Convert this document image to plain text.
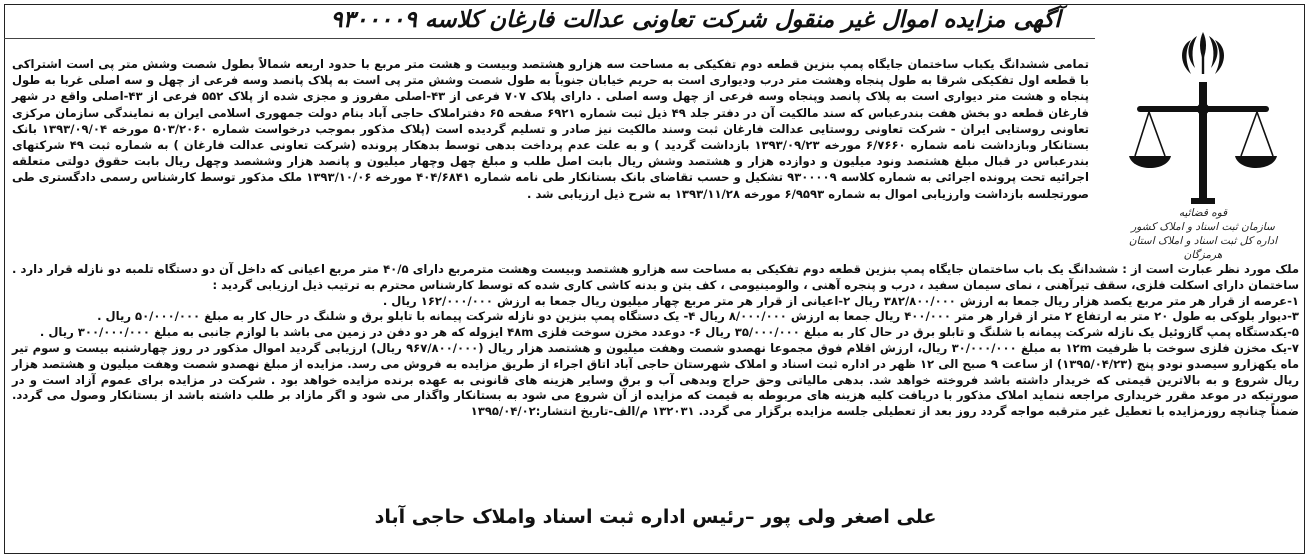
آگهی مزایده اموال غیر منقول شرکت تعاونی عدالت فارغان کلاسه ۹۳۰۰۰۰۹
قوه قضائیه
سازمان ثبت اسناد و املاک کشور
اداره کل ثبت اسناد و املاک استان هرمزگان

تمامی ششدانگ یکباب ساختمان جایگاه پمپ بنزین قطعه دوم تفکیکی به مساحت سه هزارو هشتصد وبیست و هشت متر مربع با حدود اربعه شمالاً بطول شصت وشش متر پی است اشتراکی با قطعه اول تفکیکی شرقا به طول پنجاه وهشت متر درب ودیواری است به حریم خیابان جنوباً به طول شصت وشش متر پی است به پلاک پانصد وسه فرعی از چهل و سه اصلی غربا به طول پنجاه و هشت متر دیواری است به پلاک پانصد وپنجاه وسه فرعی از چهل وسه اصلی . دارای پلاک ۷۰۷ فرعی از ۴۳-اصلی مفروز و مجزی شده از پلاک ۵۵۲ فرعی از ۴۳-اصلی واقع در شهر فارغان قطعه دو بخش هفت بندرعباس که سند مالکیت آن در دفتر جلد ۴۹ ذیل ثبت شماره ۶۹۲۱ صفحه ۶۵ دفتراملاک حاجی آباد بنام دولت جمهوری اسلامی ایران به نمایندگی سازمان مرکزی تعاونی روستایی ایران - شرکت تعاونی روستایی عدالت فارغان ثبت وسند مالکیت نیز صادر و تسلیم گردیده است (پلاک مذکور بموجب درخواست شماره ۵۰۳/۲۰۶۰ مورخه ۱۳۹۳/۰۹/۰۴ بانک بستانکار وبازداشت نامه شماره ۶/۷۶۶۰ مورخه ۱۳۹۳/۰۹/۲۳ بازداشت گردید ) و به علت عدم پرداخت بدهی توسط بدهکار پرونده (شرکت تعاونی عدالت فارغان ) به شماره ثبت ۴۹ شرکتهای بندرعباس در قبال مبلغ هشتصد ونود میلیون و دوازده هزار و هشتصد وشش ریال بابت اصل طلب و مبلغ چهل وچهار میلیون و پانصد هزار وششصد وچهل ریال بابت حقوق دولتی متعلقه اجرائیه تحت پرونده اجرائی به شماره کلاسه ۹۳۰۰۰۰۹ تشکیل و حسب تقاضای بانک بستانکار طی نامه شماره ۴۰۴/۶۸۴۱ مورخه ۱۳۹۳/۱۰/۰۶ ملک مذکور توسط کارشناس رسمی دادگستری طی صورتجلسه بازداشت وارزیابی اموال به شماره ۶/۹۵۹۳ مورخه ۱۳۹۳/۱۱/۲۸ به شرح ذیل ارزیابی شد .

ملک مورد نظر عبارت است از : ششدانگ یک باب ساختمان جایگاه پمپ بنزین قطعه دوم تفکیکی به مساحت سه هزارو هشتصد وبیست وهشت مترمربع دارای ۴۰/۵ متر مربع اعیانی که داخل آن دو دستگاه تلمبه دو نازله قرار دارد . ساختمان دارای اسکلت فلزی، سقف تیرآهنی ، نمای سیمان سفید ، درب و پنجره آهنی ، والومینیومی ، کف بتن و بدنه کاشی کاری شده که توسط کارشناس محترم به ترتیب ذیل ارزیابی گردید :

۱-عرصه از قرار هر متر مربع یکصد هزار ریال جمعا به ارزش ۳۸۲/۸۰۰/۰۰۰ ریال ۲-اعیانی از قرار هر متر مربع چهار میلیون ریال جمعا به ارزش ۱۶۲/۰۰۰/۰۰۰ ریال .

۳-دیوار بلوکی به طول ۲۰ متر به ارتفاع ۲ متر از قرار هر متر ۴۰۰/۰۰۰ ریال جمعا به ارزش ۸/۰۰۰/۰۰۰ ریال ۴- یک دستگاه پمپ بنزین دو نازله شرکت پیمانه با تابلو برق و شلنگ در حال کار به مبلغ ۵۰/۰۰۰/۰۰۰ ریال .

۵-یکدستگاه پمپ گازوئیل یک نازله شرکت پیمانه با شلنگ و تابلو برق در حال کار به مبلغ ۳۵/۰۰۰/۰۰۰ ریال ۶- دوعدد مخزن سوخت فلزی ۴۸m ایزوله که هر دو دفن در زمین می باشد با لوازم جانبی به مبلغ ۳۰۰/۰۰۰/۰۰۰ ریال .

۷-یک مخزن فلزی سوخت با ظرفیت ۱۲m به مبلغ ۳۰/۰۰۰/۰۰۰ ریال، ارزش اقلام فوق مجموعا نهصدو شصت وهفت میلیون و هشتصد هزار ریال (۹۶۷/۸۰۰/۰۰۰ ریال) ارزیابی گردید اموال مذکور در روز چهارشنبه بیست و سوم تیر ماه یکهزارو سیصدو نودو پنج (۱۳۹۵/۰۴/۲۳) از ساعت ۹ صبح الی ۱۲ ظهر در اداره ثبت اسناد و املاک شهرستان حاجی آباد اتاق اجراء از طریق مزایده به فروش می رسد. مزایده از مبلغ نهصدو شصت وهفت میلیون و هشتصد هزار ریال شروع و به بالاترین قیمتی که خریدار داشته باشد فروخته خواهد شد. بدهی مالیاتی وحق حراج وبدهی آب و برق وسایر هزینه های قانونی به عهده برنده مزایده خواهد بود . شرکت در مزایده برای عموم آزاد است و در صورتیکه در موعد مقرر خریداری مراجعه ننماید املاک مذکور با دریافت کلیه هزینه های مربوطه به قیمت که مزایده از آن شروع می شود به بستانکار واگذار می شود و اگر مازاد بر طلب داشته باشد از بستانکار وصول می گردد. ضمناً چنانچه روزمزایده با تعطیل غیر مترقبه مواجه گردد روز بعد از تعطیلی جلسه مزایده برگزار می گردد. ۱۳۲۰۳۱ م/الف-تاریخ انتشار:۱۳۹۵/۰۴/۰۲

علی اصغر ولی پور –رئیس اداره ثبت اسناد واملاک حاجی آباد
